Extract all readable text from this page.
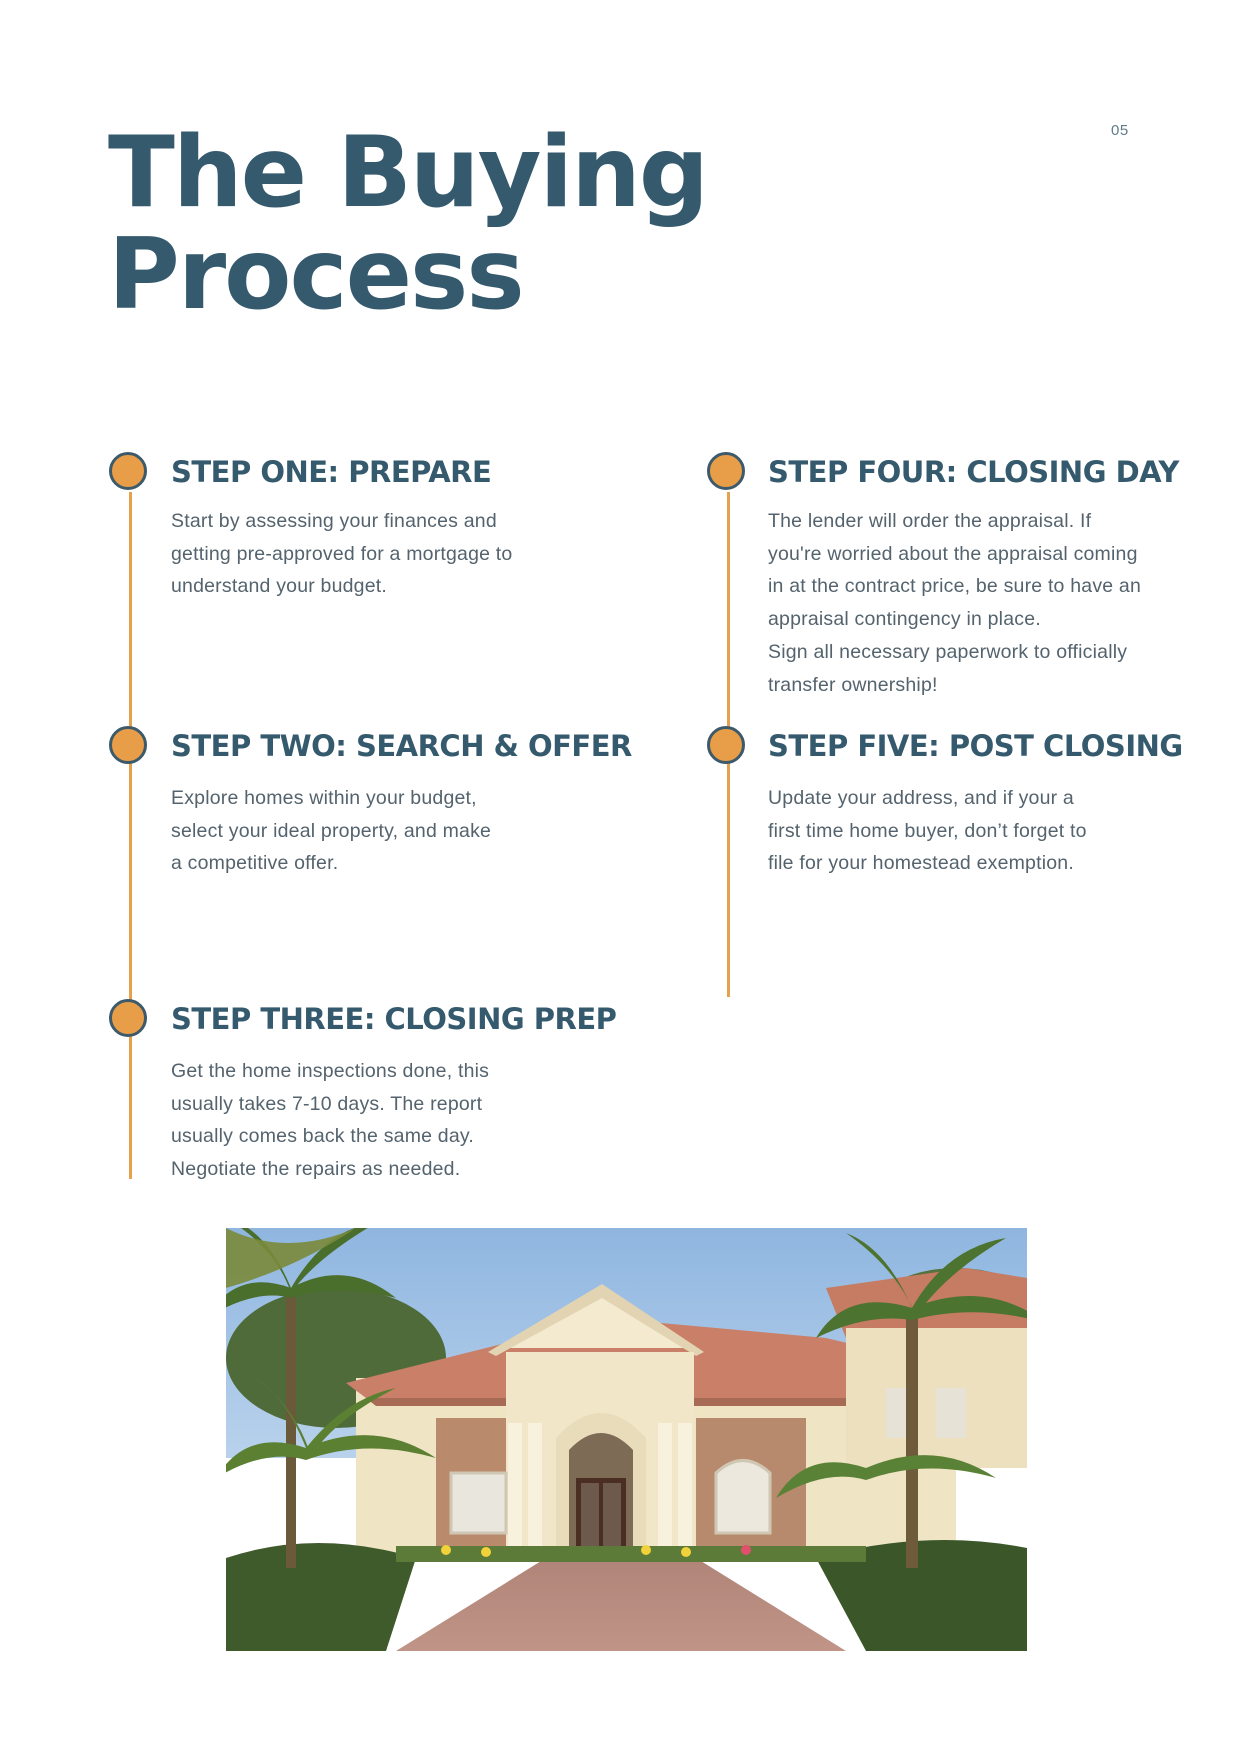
05
The Buying
Process
STEP ONE: PREPARE

Start by assessing your finances and
getting pre-approved for a mortgage to
understand your budget.

STEP TWO: SEARCH & OFFER

Explore homes within your budget,
select your ideal property, and make
a competitive offer.

STEP THREE: CLOSING PREP

Get the home inspections done, this
usually takes 7-10 days. The report
usually comes back the same day.
Negotiate the repairs as needed.

STEP FOUR: CLOSING DAY

The lender will order the appraisal. If
you're worried about the appraisal coming
in at the contract price, be sure to have an
appraisal contingency in place.
Sign all necessary paperwork to officially
transfer ownership!

STEP FIVE: POST CLOSING

Update your address, and if your a
first time home buyer, don’t forget to
file for your homestead exemption.
